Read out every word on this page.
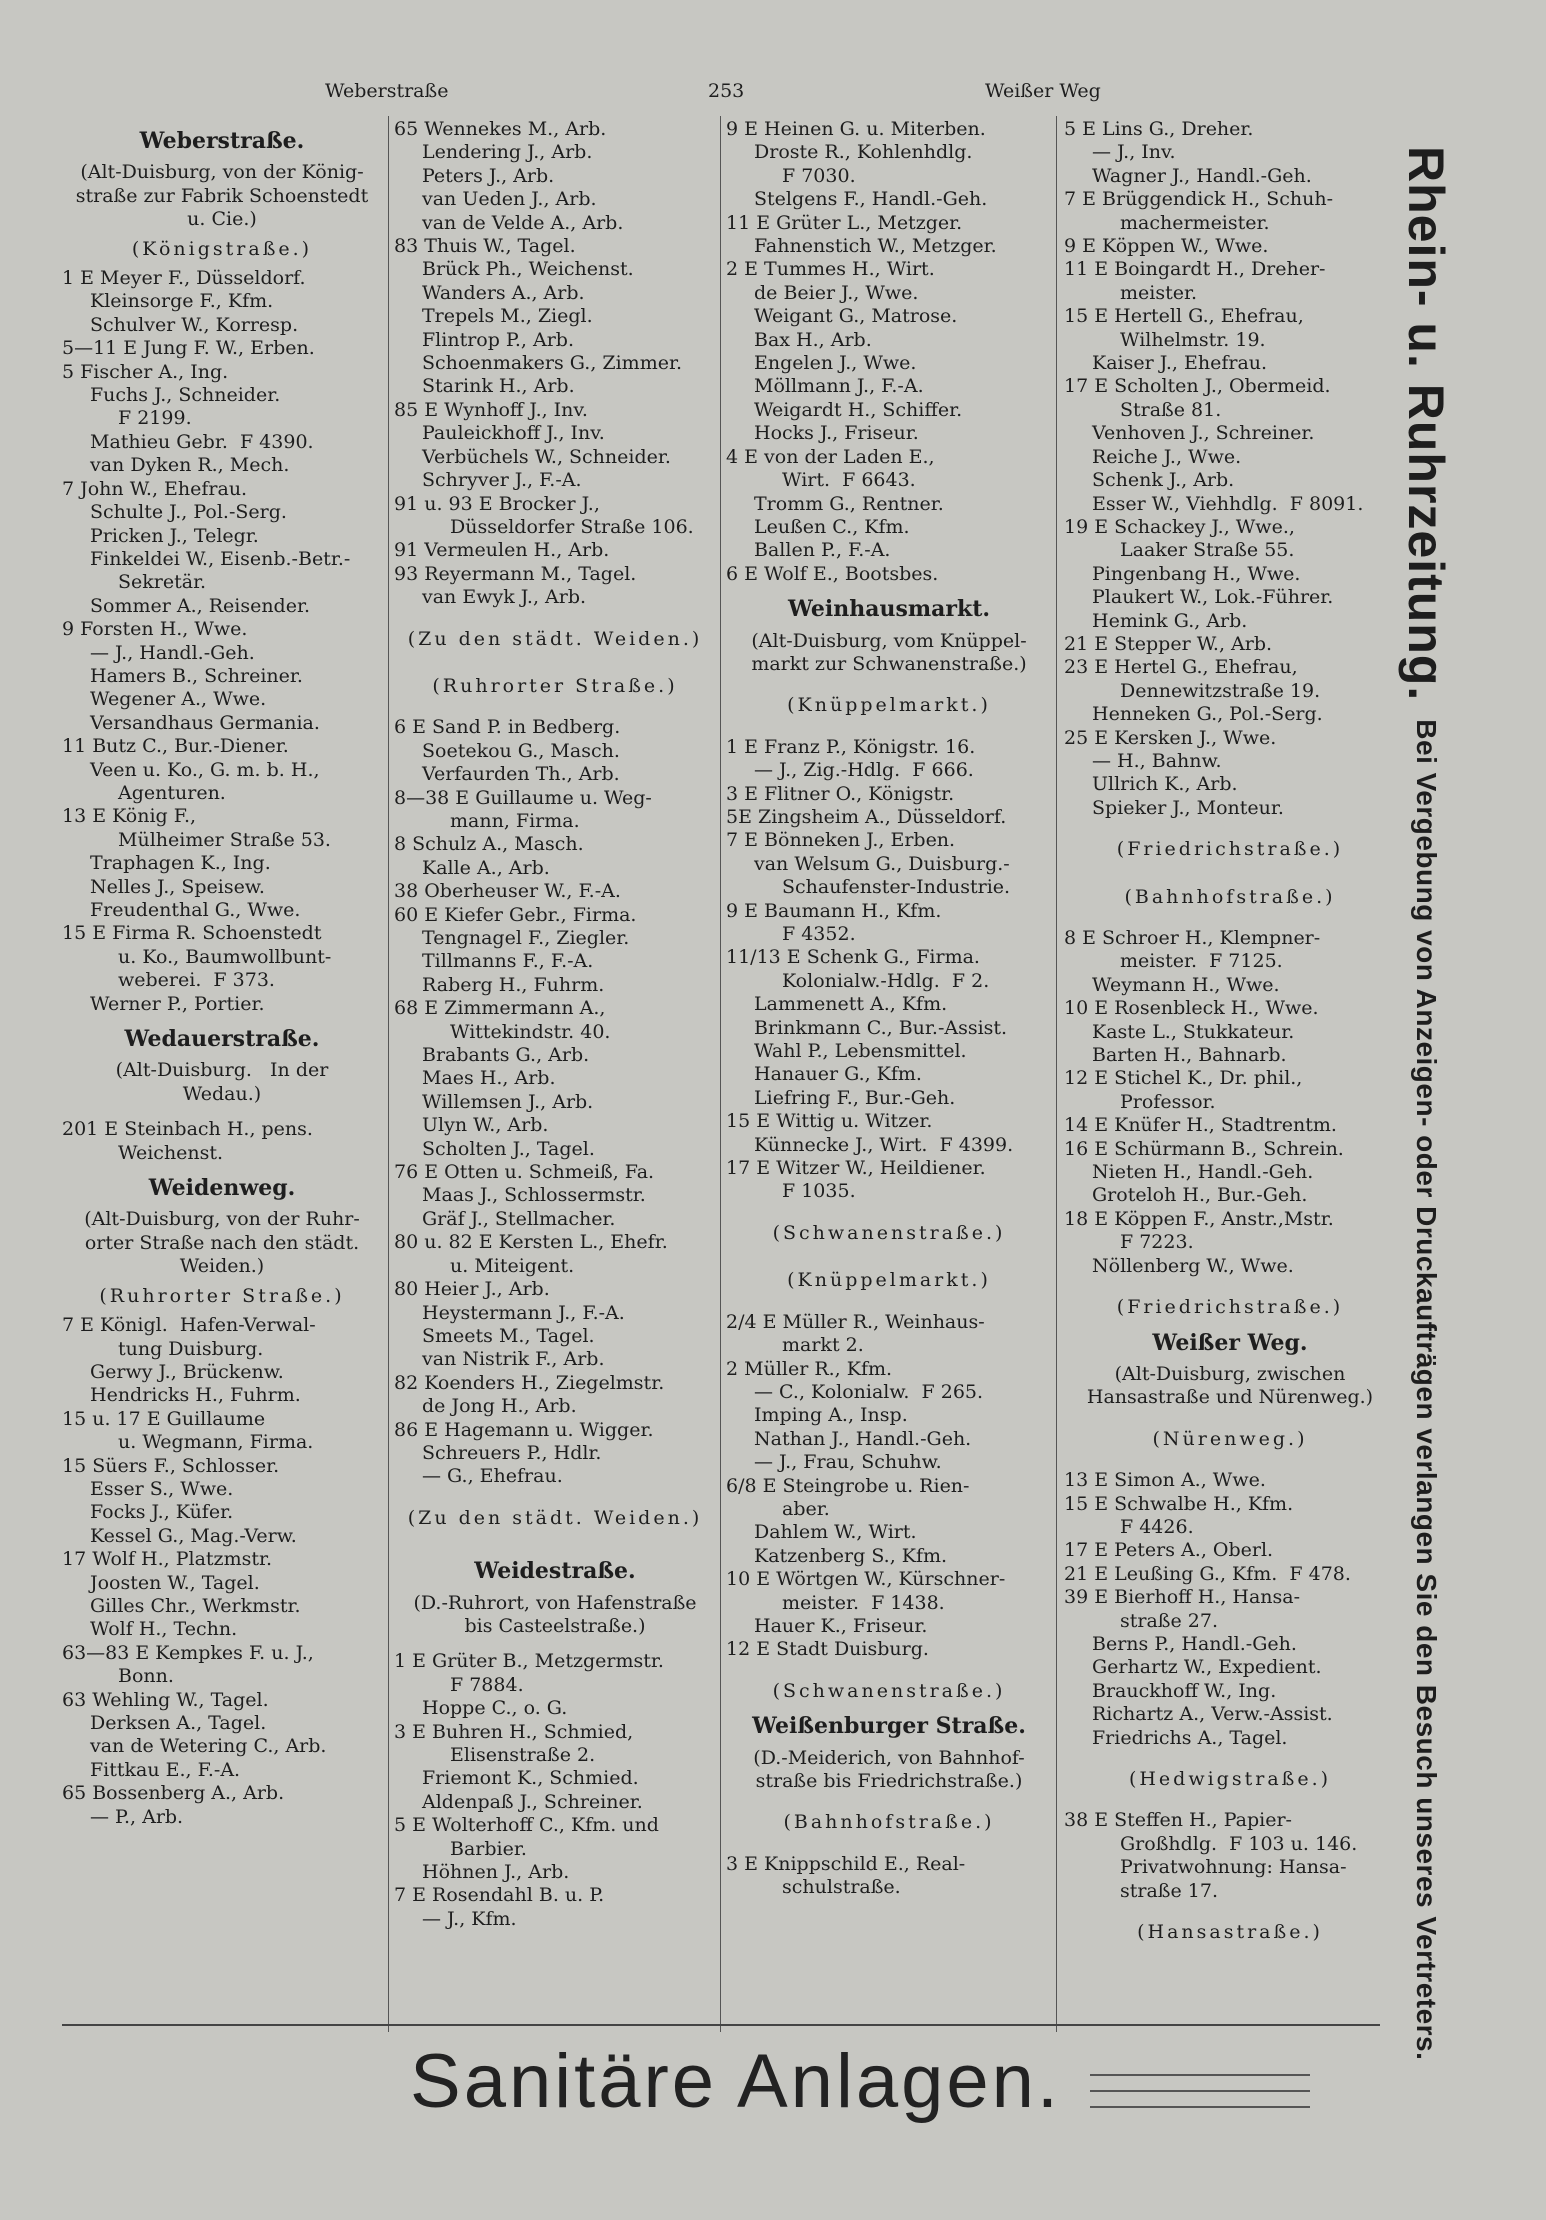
Weberstraße	253	Weißer Weg
Weberstraße.
(Alt-Duisburg, von der König-
straße zur Fabrik Schoenstedt
u. Cie.)
(Königstraße.)
1 E Meyer F., Düsseldorf.
Kleinsorge F., Kfm.
Schulver W., Korresp.
5—11 E Jung F. W., Erben.
5 Fischer A., Ing.
Fuchs J., Schneider.
F 2199.
Mathieu Gebr.  F 4390.
van Dyken R., Mech.
7 John W., Ehefrau.
Schulte J., Pol.-Serg.
Pricken J., Telegr.
Finkeldei W., Eisenb.-Betr.-
Sekretär.
Sommer A., Reisender.
9 Forsten H., Wwe.
— J., Handl.-Geh.
Hamers B., Schreiner.
Wegener A., Wwe.
Versandhaus Germania.
11 Butz C., Bur.-Diener.
Veen u. Ko., G. m. b. H.,
Agenturen.
13 E König F.,
Mülheimer Straße 53.
Traphagen K., Ing.
Nelles J., Speisew.
Freudenthal G., Wwe.
15 E Firma R. Schoenstedt
u. Ko., Baumwollbunt-
weberei.  F 373.
Werner P., Portier.
Wedauerstraße.
(Alt-Duisburg.   In der
Wedau.)
201 E Steinbach H., pens.
Weichenst.
Weidenweg.
(Alt-Duisburg, von der Ruhr-
orter Straße nach den städt.
Weiden.)
(Ruhrorter Straße.)
7 E Königl.  Hafen-Verwal-
tung Duisburg.
Gerwy J., Brückenw.
Hendricks H., Fuhrm.
15 u. 17 E Guillaume
u. Wegmann, Firma.
15 Süers F., Schlosser.
Esser S., Wwe.
Focks J., Küfer.
Kessel G., Mag.-Verw.
17 Wolf H., Platzmstr.
Joosten W., Tagel.
Gilles Chr., Werkmstr.
Wolf H., Techn.
63—83 E Kempkes F. u. J.,
Bonn.
63 Wehling W., Tagel.
Derksen A., Tagel.
van de Wetering C., Arb.
Fittkau E., F.-A.
65 Bossenberg A., Arb.
— P., Arb.
65 Wennekes M., Arb.
Lendering J., Arb.
Peters J., Arb.
van Ueden J., Arb.
van de Velde A., Arb.
83 Thuis W., Tagel.
Brück Ph., Weichenst.
Wanders A., Arb.
Trepels M., Ziegl.
Flintrop P., Arb.
Schoenmakers G., Zimmer.
Starink H., Arb.
85 E Wynhoff J., Inv.
Pauleickhoff J., Inv.
Verbüchels W., Schneider.
Schryver J., F.-A.
91 u. 93 E Brocker J.,
Düsseldorfer Straße 106.
91 Vermeulen H., Arb.
93 Reyermann M., Tagel.
van Ewyk J., Arb.
(Zu den städt. Weiden.)
(Ruhrorter Straße.)
6 E Sand P. in Bedberg.
Soetekou G., Masch.
Verfaurden Th., Arb.
8—38 E Guillaume u. Weg-
mann, Firma.
8 Schulz A., Masch.
Kalle A., Arb.
38 Oberheuser W., F.-A.
60 E Kiefer Gebr., Firma.
Tengnagel F., Ziegler.
Tillmanns F., F.-A.
Raberg H., Fuhrm.
68 E Zimmermann A.,
Wittekindstr. 40.
Brabants G., Arb.
Maes H., Arb.
Willemsen J., Arb.
Ulyn W., Arb.
Scholten J., Tagel.
76 E Otten u. Schmeiß, Fa.
Maas J., Schlossermstr.
Gräf J., Stellmacher.
80 u. 82 E Kersten L., Ehefr.
u. Miteigent.
80 Heier J., Arb.
Heystermann J., F.-A.
Smeets M., Tagel.
van Nistrik F., Arb.
82 Koenders H., Ziegelmstr.
de Jong H., Arb.
86 E Hagemann u. Wigger.
Schreuers P., Hdlr.
— G., Ehefrau.
(Zu den städt. Weiden.)
Weidestraße.
(D.-Ruhrort, von Hafenstraße
bis Casteelstraße.)
1 E Grüter B., Metzgermstr.
F 7884.
Hoppe C., o. G.
3 E Buhren H., Schmied,
Elisenstraße 2.
Friemont K., Schmied.
Aldenpaß J., Schreiner.
5 E Wolterhoff C., Kfm. und
Barbier.
Höhnen J., Arb.
7 E Rosendahl B. u. P.
— J., Kfm.
9 E Heinen G. u. Miterben.
Droste R., Kohlenhdlg.
F 7030.
Stelgens F., Handl.-Geh.
11 E Grüter L., Metzger.
Fahnenstich W., Metzger.
2 E Tummes H., Wirt.
de Beier J., Wwe.
Weigant G., Matrose.
Bax H., Arb.
Engelen J., Wwe.
Möllmann J., F.-A.
Weigardt H., Schiffer.
Hocks J., Friseur.
4 E von der Laden E.,
Wirt.  F 6643.
Tromm G., Rentner.
Leußen C., Kfm.
Ballen P., F.-A.
6 E Wolf E., Bootsbes.
Weinhausmarkt.
(Alt-Duisburg, vom Knüppel-
markt zur Schwanenstraße.)
(Knüppelmarkt.)
1 E Franz P., Königstr. 16.
— J., Zig.-Hdlg.  F 666.
3 E Flitner O., Königstr.
5E Zingsheim A., Düsseldorf.
7 E Bönneken J., Erben.
van Welsum G., Duisburg.-
Schaufenster-Industrie.
9 E Baumann H., Kfm.
F 4352.
11/13 E Schenk G., Firma.
Kolonialw.-Hdlg.  F 2.
Lammenett A., Kfm.
Brinkmann C., Bur.-Assist.
Wahl P., Lebensmittel.
Hanauer G., Kfm.
Liefring F., Bur.-Geh.
15 E Wittig u. Witzer.
Künnecke J., Wirt.  F 4399.
17 E Witzer W., Heildiener.
F 1035.
(Schwanenstraße.)
(Knüppelmarkt.)
2/4 E Müller R., Weinhaus-
markt 2.
2 Müller R., Kfm.
— C., Kolonialw.  F 265.
Imping A., Insp.
Nathan J., Handl.-Geh.
— J., Frau, Schuhw.
6/8 E Steingrobe u. Rien-
aber.
Dahlem W., Wirt.
Katzenberg S., Kfm.
10 E Wörtgen W., Kürschner-
meister.  F 1438.
Hauer K., Friseur.
12 E Stadt Duisburg.
(Schwanenstraße.)
Weißenburger Straße.
(D.-Meiderich, von Bahnhof-
straße bis Friedrichstraße.)
(Bahnhofstraße.)
3 E Knippschild E., Real-
schulstraße.
5 E Lins G., Dreher.
— J., Inv.
Wagner J., Handl.-Geh.
7 E Brüggendick H., Schuh-
machermeister.
9 E Köppen W., Wwe.
11 E Boingardt H., Dreher-
meister.
15 E Hertell G., Ehefrau,
Wilhelmstr. 19.
Kaiser J., Ehefrau.
17 E Scholten J., Obermeid.
Straße 81.
Venhoven J., Schreiner.
Reiche J., Wwe.
Schenk J., Arb.
Esser W., Viehhdlg.  F 8091.
19 E Schackey J., Wwe.,
Laaker Straße 55.
Pingenbang H., Wwe.
Plaukert W., Lok.-Führer.
Hemink G., Arb.
21 E Stepper W., Arb.
23 E Hertel G., Ehefrau,
Dennewitzstraße 19.
Henneken G., Pol.-Serg.
25 E Kersken J., Wwe.
— H., Bahnw.
Ullrich K., Arb.
Spieker J., Monteur.
(Friedrichstraße.)
(Bahnhofstraße.)
8 E Schroer H., Klempner-
meister.  F 7125.
Weymann H., Wwe.
10 E Rosenbleck H., Wwe.
Kaste L., Stukkateur.
Barten H., Bahnarb.
12 E Stichel K., Dr. phil.,
Professor.
14 E Knüfer H., Stadtrentm.
16 E Schürmann B., Schrein.
Nieten H., Handl.-Geh.
Groteloh H., Bur.-Geh.
18 E Köppen F., Anstr.,Mstr.
F 7223.
Nöllenberg W., Wwe.
(Friedrichstraße.)
Weißer Weg.
(Alt-Duisburg, zwischen
Hansastraße und Nürenweg.)
(Nürenweg.)
13 E Simon A., Wwe.
15 E Schwalbe H., Kfm.
F 4426.
17 E Peters A., Oberl.
21 E Leußing G., Kfm.  F 478.
39 E Bierhoff H., Hansa-
straße 27.
Berns P., Handl.-Geh.
Gerhartz W., Expedient.
Brauckhoff W., Ing.
Richartz A., Verw.-Assist.
Friedrichs A., Tagel.
(Hedwigstraße.)
38 E Steffen H., Papier-
Großhdlg.  F 103 u. 146.
Privatwohnung: Hansa-
straße 17.
(Hansastraße.)
Sanitäre Anlagen.
Rhein- u. Ruhrzeitung.
Bei Vergebung von Anzeigen- oder Druckaufträgen verlangen Sie den Besuch unseres Vertreters.
